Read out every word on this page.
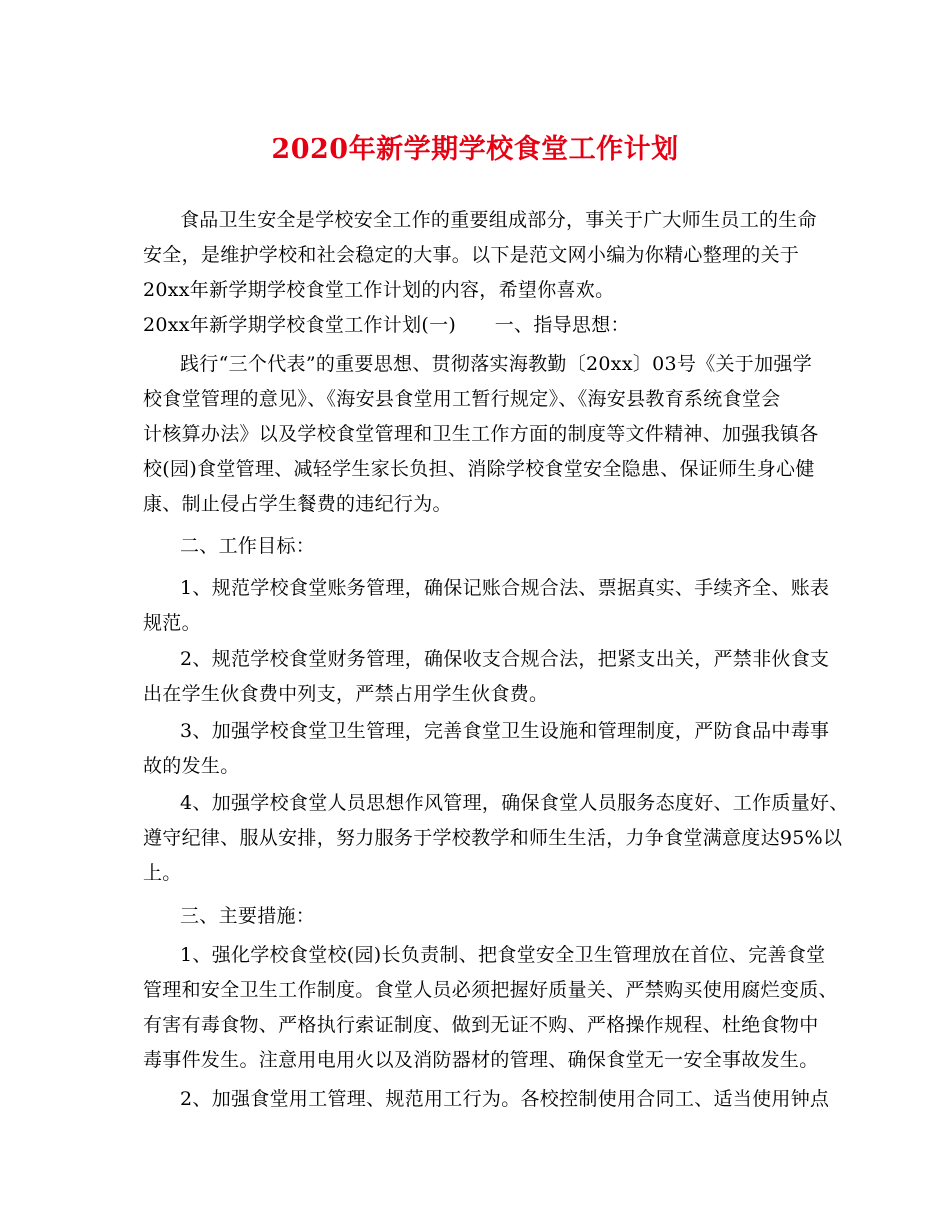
2020年新学期学校食堂工作计划
食品卫生安全是学校安全工作的重要组成部分，事关于广大师生员工的生命
安全，是维护学校和社会稳定的大事。以下是范文网小编为你精心整理的关于
20xx年新学期学校食堂工作计划的内容，希望你喜欢。
20xx年新学期学校食堂工作计划(一)　　一、指导思想：
践行“三个代表”的重要思想、贯彻落实海教勤〔20xx〕03号《关于加强学
校食堂管理的意见》、《海安县食堂用工暂行规定》、《海安县教育系统食堂会
计核算办法》以及学校食堂管理和卫生工作方面的制度等文件精神、加强我镇各
校(园)食堂管理、减轻学生家长负担、消除学校食堂安全隐患、保证师生身心健
康、制止侵占学生餐费的违纪行为。
二、工作目标：
1、规范学校食堂账务管理，确保记账合规合法、票据真实、手续齐全、账表
规范。
2、规范学校食堂财务管理，确保收支合规合法，把紧支出关，严禁非伙食支
出在学生伙食费中列支，严禁占用学生伙食费。
3、加强学校食堂卫生管理，完善食堂卫生设施和管理制度，严防食品中毒事
故的发生。
4、加强学校食堂人员思想作风管理，确保食堂人员服务态度好、工作质量好、
遵守纪律、服从安排，努力服务于学校教学和师生生活，力争食堂满意度达95%以
上。
三、主要措施：
1、强化学校食堂校(园)长负责制、把食堂安全卫生管理放在首位、完善食堂
管理和安全卫生工作制度。食堂人员必须把握好质量关、严禁购买使用腐烂变质、
有害有毒食物、严格执行索证制度、做到无证不购、严格操作规程、杜绝食物中
毒事件发生。注意用电用火以及消防器材的管理、确保食堂无一安全事故发生。
2、加强食堂用工管理、规范用工行为。各校控制使用合同工、适当使用钟点
